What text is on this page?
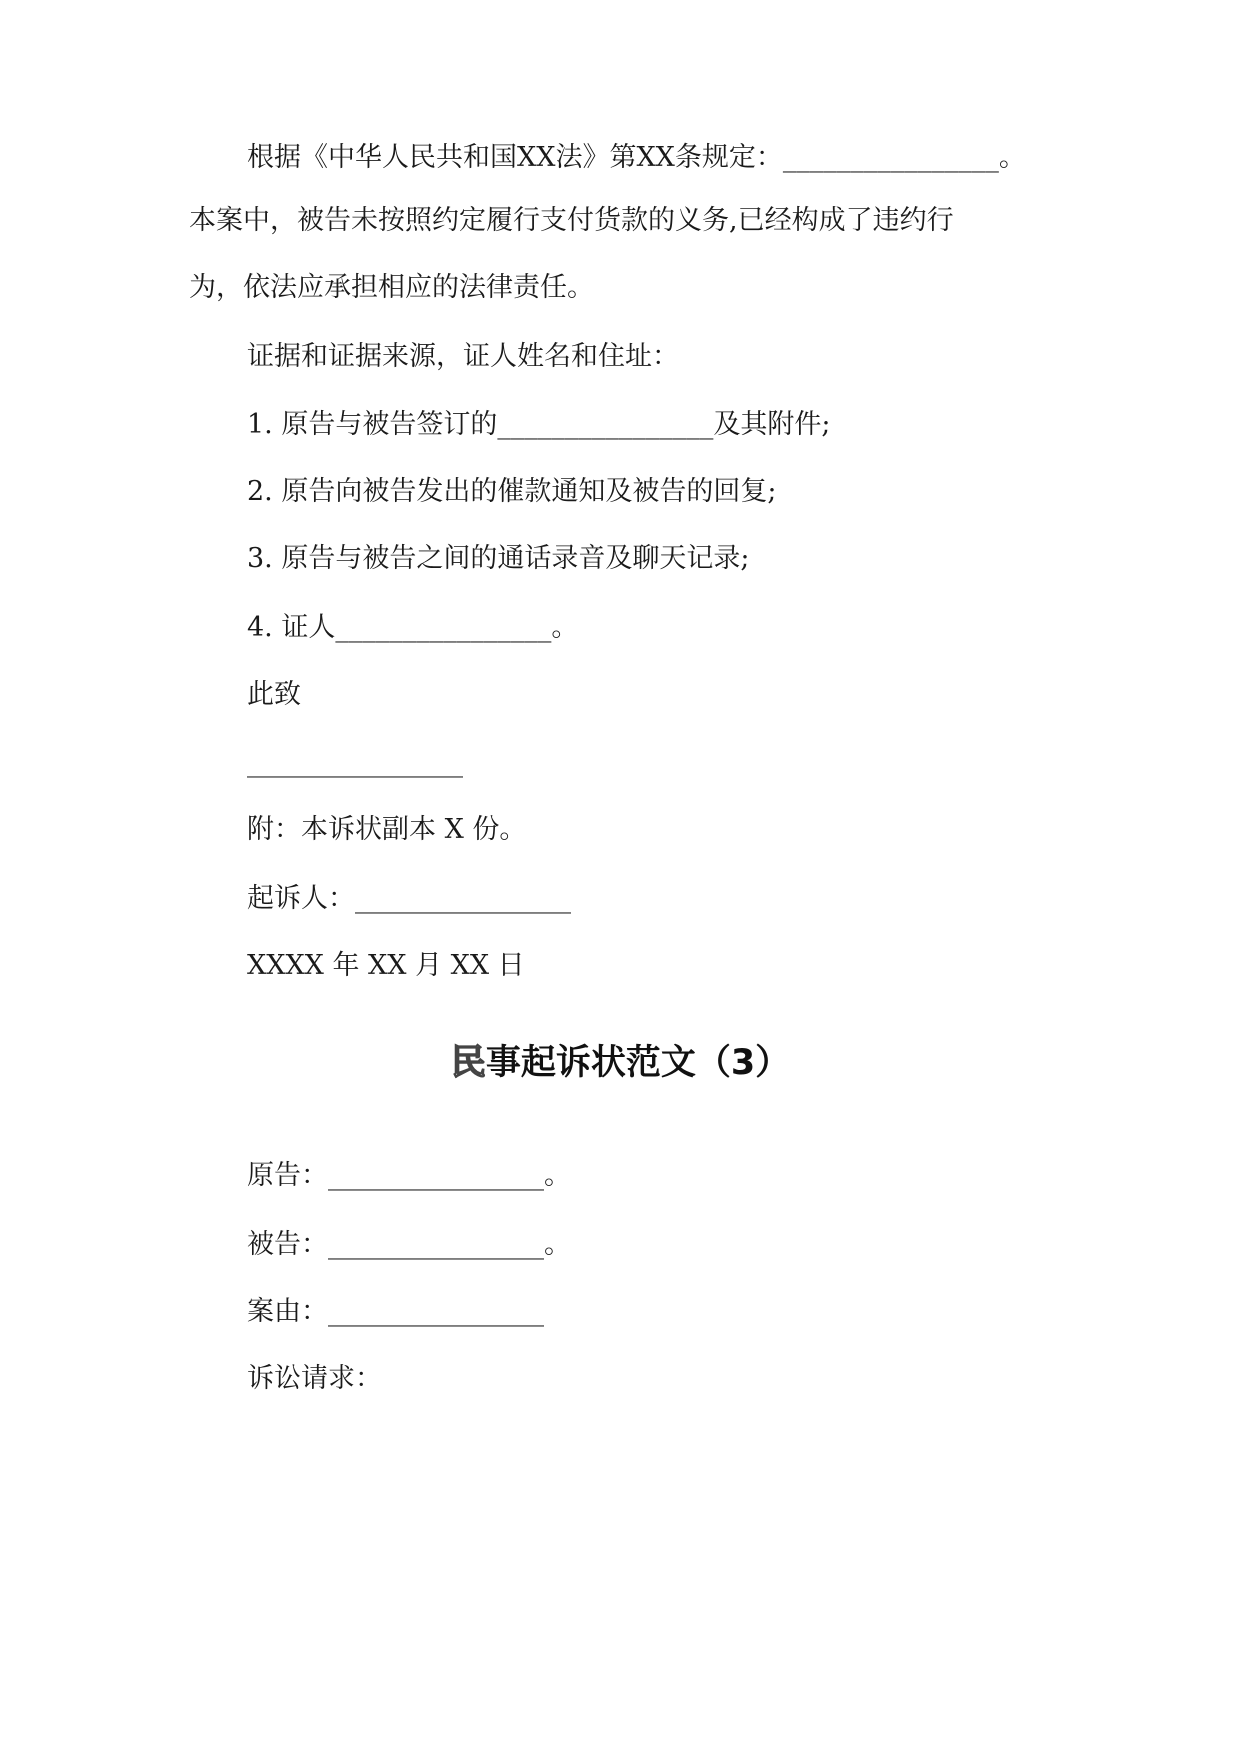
根据《中华人民共和国XX法》第XX条规定：________________。
本案中，被告未按照约定履行支付货款的义务,已经构成了违约行
为，依法应承担相应的法律责任。
证据和证据来源，证人姓名和住址：
1. 原告与被告签订的________________及其附件;
2. 原告向被告发出的催款通知及被告的回复;
3. 原告与被告之间的通话录音及聊天记录;
4. 证人________________。
此致
________________
附：本诉状副本 X 份。
起诉人：________________
XXXX 年 XX 月 XX 日
民事起诉状范文（3）
原告：________________。
被告：________________。
案由：________________
诉讼请求：
